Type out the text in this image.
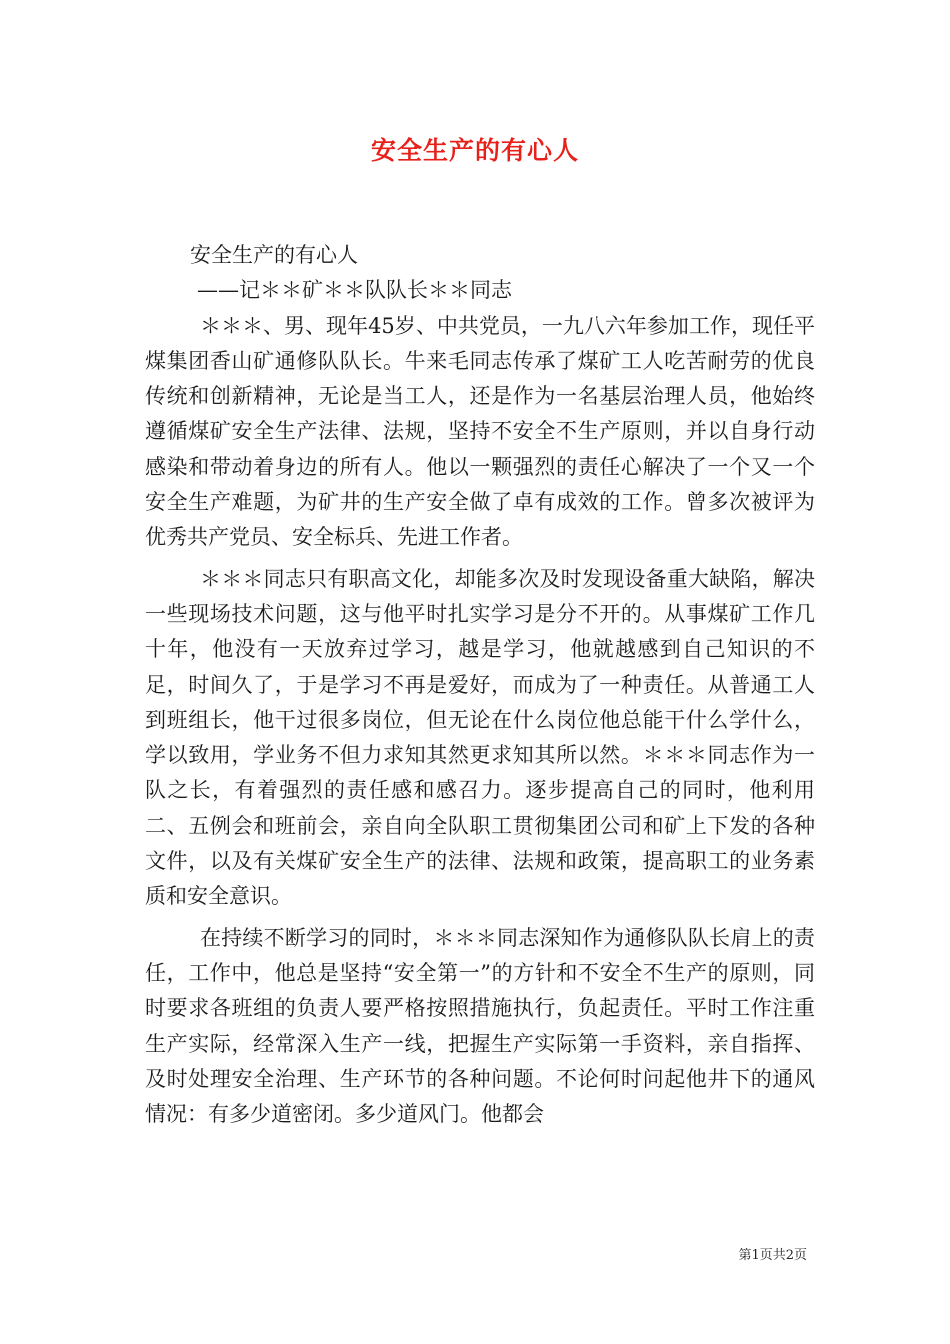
安全生产的有心人

安全生产的有心人

——记＊＊矿＊＊队队长＊＊同志

＊＊＊、男、现年45岁、中共党员，一九八六年参加工作，现任平煤集团香山矿通修队队长。牛来毛同志传承了煤矿工人吃苦耐劳的优良传统和创新精神，无论是当工人，还是作为一名基层治理人员，他始终遵循煤矿安全生产法律、法规，坚持不安全不生产原则，并以自身行动感染和带动着身边的所有人。他以一颗强烈的责任心解决了一个又一个安全生产难题，为矿井的生产安全做了卓有成效的工作。曾多次被评为优秀共产党员、安全标兵、先进工作者。

＊＊＊同志只有职高文化，却能多次及时发现设备重大缺陷，解决一些现场技术问题，这与他平时扎实学习是分不开的。从事煤矿工作几十年，他没有一天放弃过学习，越是学习，他就越感到自己知识的不足，时间久了，于是学习不再是爱好，而成为了一种责任。从普通工人到班组长，他干过很多岗位，但无论在什么岗位他总能干什么学什么，学以致用，学业务不但力求知其然更求知其所以然。＊＊＊同志作为一队之长，有着强烈的责任感和感召力。逐步提高自己的同时，他利用二、五例会和班前会，亲自向全队职工贯彻集团公司和矿上下发的各种文件，以及有关煤矿安全生产的法律、法规和政策，提高职工的业务素质和安全意识。

在持续不断学习的同时，＊＊＊同志深知作为通修队队长肩上的责任，工作中，他总是坚持“安全第一”的方针和不安全不生产的原则，同时要求各班组的负责人要严格按照措施执行，负起责任。平时工作注重生产实际，经常深入生产一线，把握生产实际第一手资料，亲自指挥、及时处理安全治理、生产环节的各种问题。不论何时问起他井下的通风情况：有多少道密闭。多少道风门。他都会

第1页共2页
